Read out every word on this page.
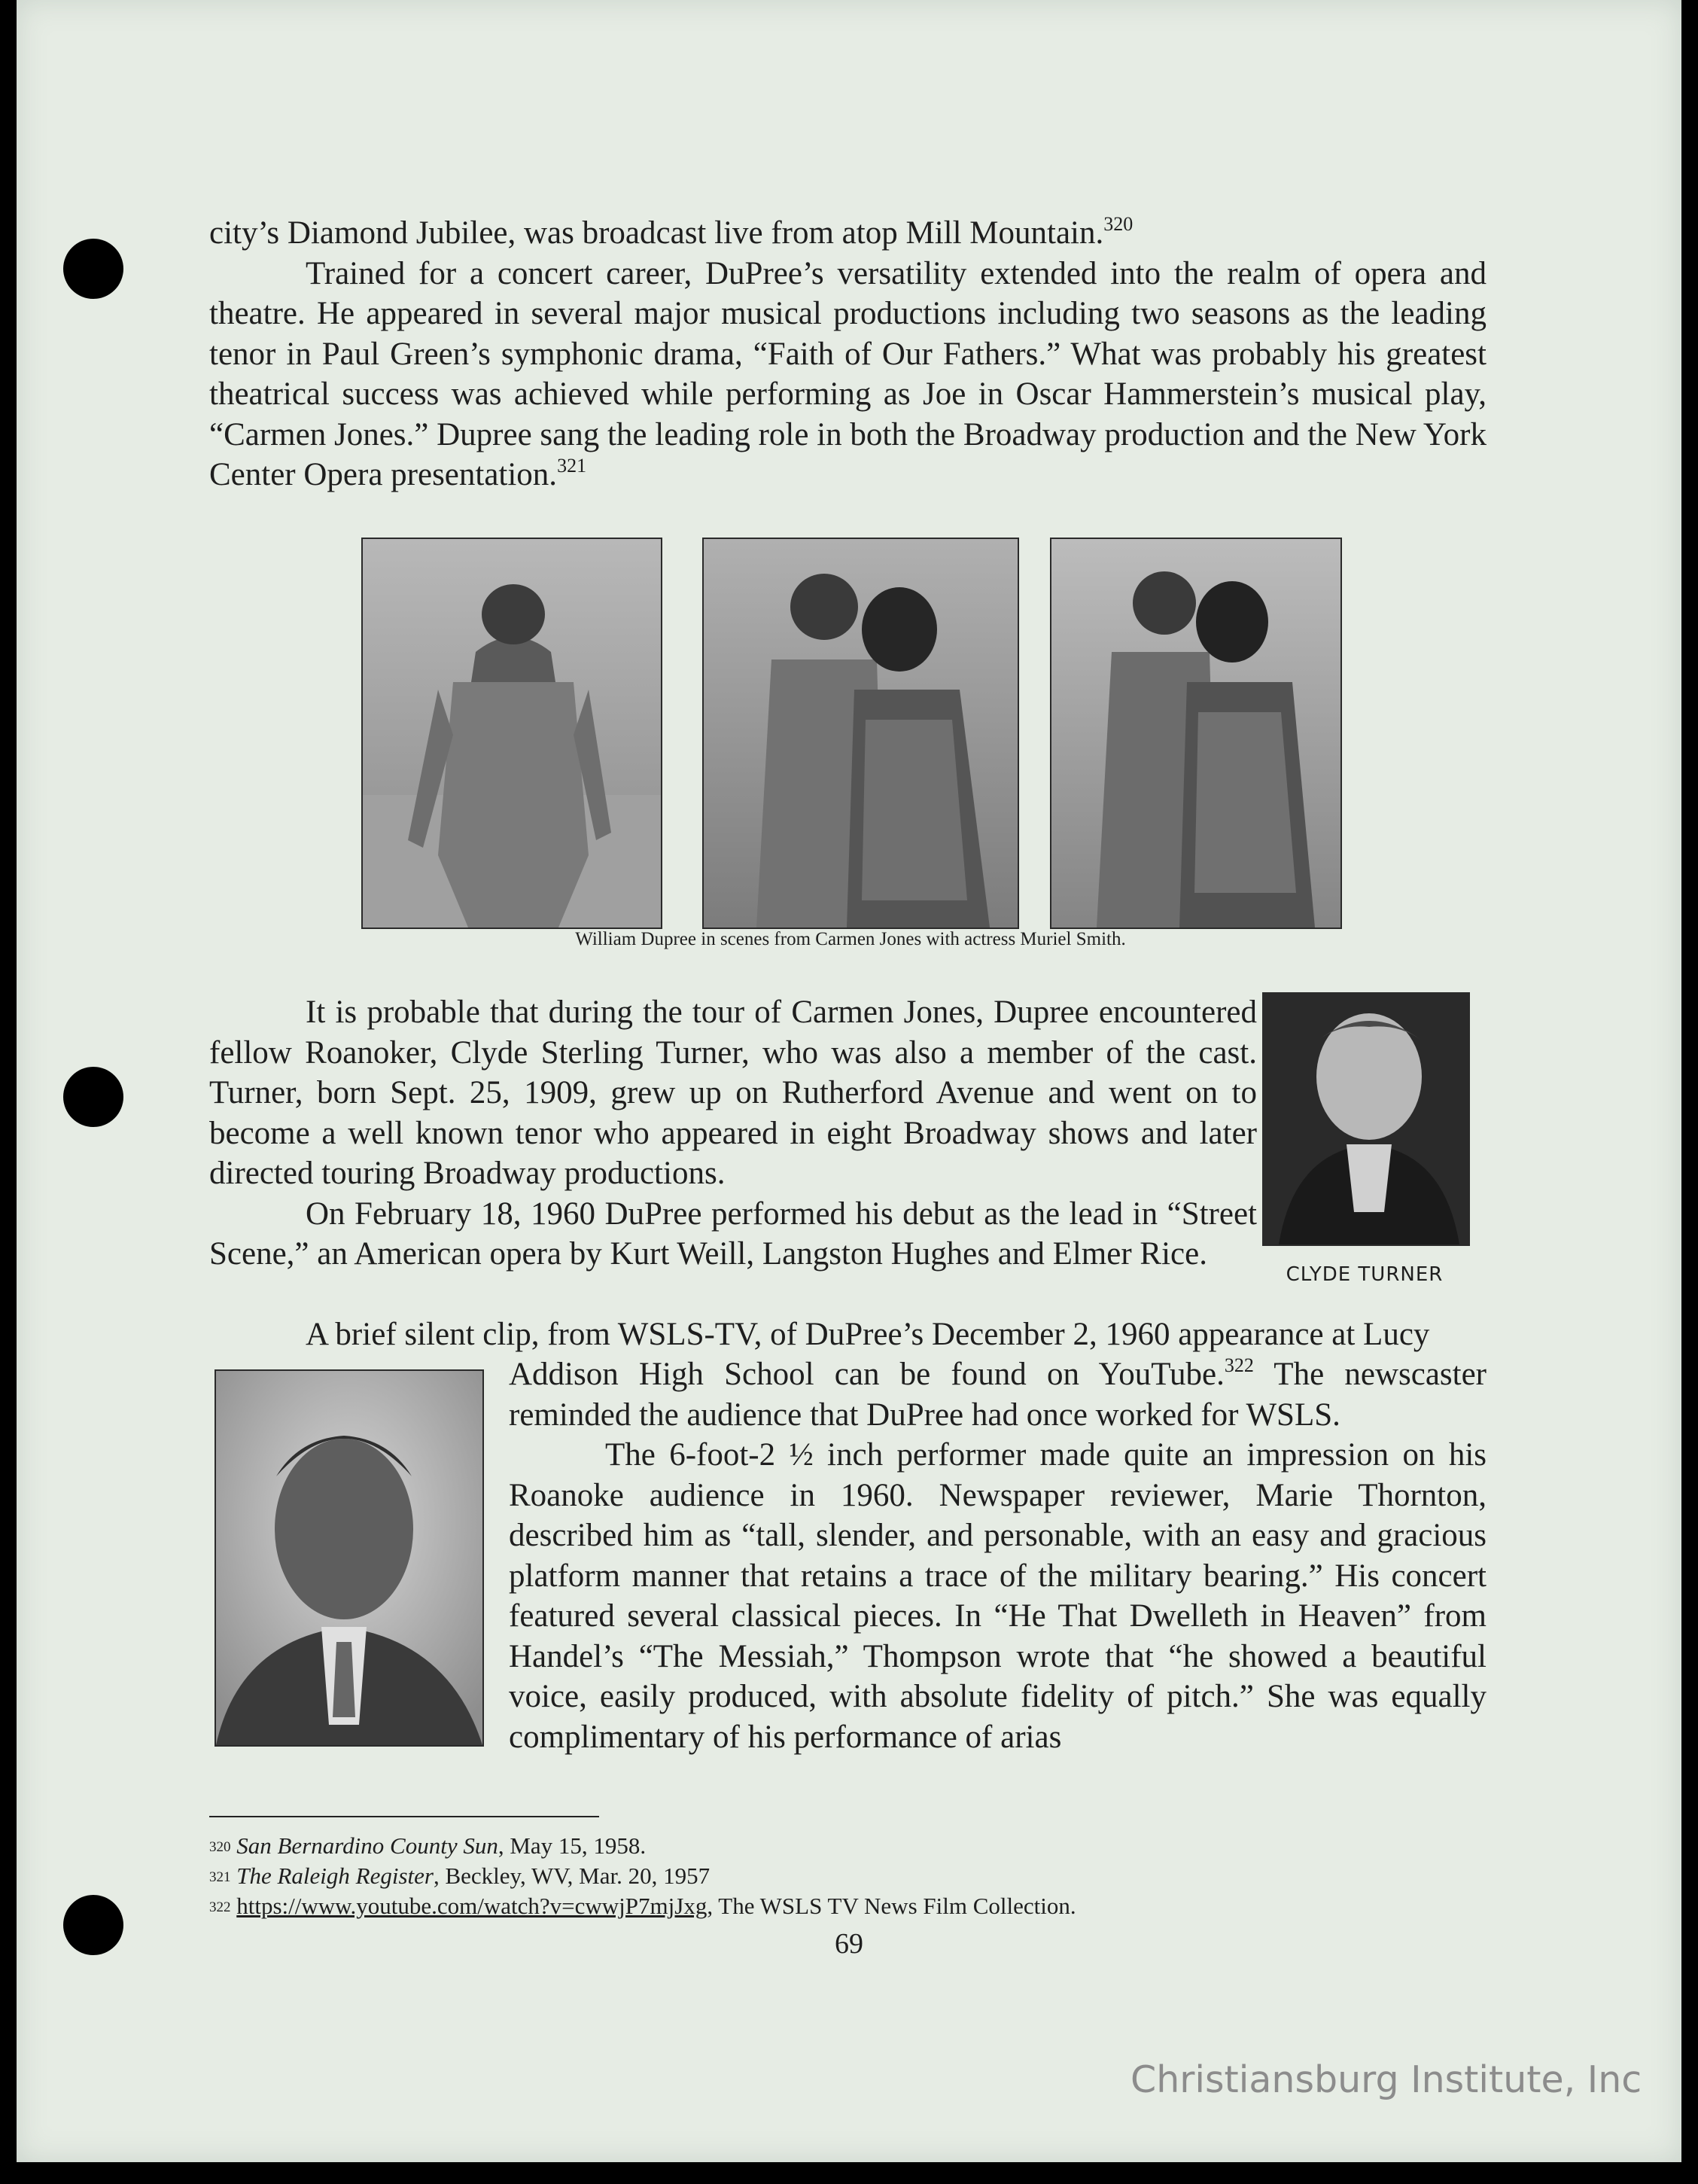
city’s Diamond Jubilee, was broadcast live from atop Mill Mountain.$^{320}$

Trained for a concert career, DuPree’s versatility extended into the realm of opera and theatre. He appeared in several major musical productions including two seasons as the leading tenor in Paul Green’s symphonic drama, “Faith of Our Fathers.” What was probably his greatest theatrical success was achieved while performing as Joe in Oscar Hammerstein’s musical play, “Carmen Jones.” Dupree sang the leading role in both the Broadway production and the New York Center Opera presentation.$^{321}$

William Dupree in scenes from Carmen Jones with actress Muriel Smith.
CLYDE TURNER

It is probable that during the tour of Carmen Jones, Dupree encountered fellow Roanoker, Clyde Sterling Turner, who was also a member of the cast. Turner, born Sept. 25, 1909, grew up on Rutherford Avenue and went on to become a well known tenor who appeared in eight Broadway shows and later directed touring Broadway productions.

On February 18, 1960 DuPree performed his debut as the lead in “Street Scene,” an American opera by Kurt Weill, Langston Hughes and Elmer Rice.

A brief silent clip, from WSLS-TV, of DuPree’s December 2, 1960 appearance at Lucy

Addison High School can be found on YouTube.$^{322}$ The newscaster reminded the audience that DuPree had once worked for WSLS.

The 6-foot-2 ½ inch performer made quite an impression on his Roanoke audience in 1960. Newspaper reviewer, Marie Thornton, described him as “tall, slender, and personable, with an easy and gracious platform manner that retains a trace of the military bearing.” His concert featured several classical pieces. In “He That Dwelleth in Heaven” from Handel’s “The Messiah,” Thompson wrote that “he showed a beautiful voice, easily produced, with absolute fidelity of pitch.” She was equally complimentary of his performance of arias

$^{320}$ San Bernardino County Sun, May 15, 1958.
$^{321}$ The Raleigh Register, Beckley, WV, Mar. 20, 1957
$^{322}$ https://www.youtube.com/watch?v=cwwjP7mjJxg, The WSLS TV News Film Collection.
69
Christiansburg Institute, Inc
